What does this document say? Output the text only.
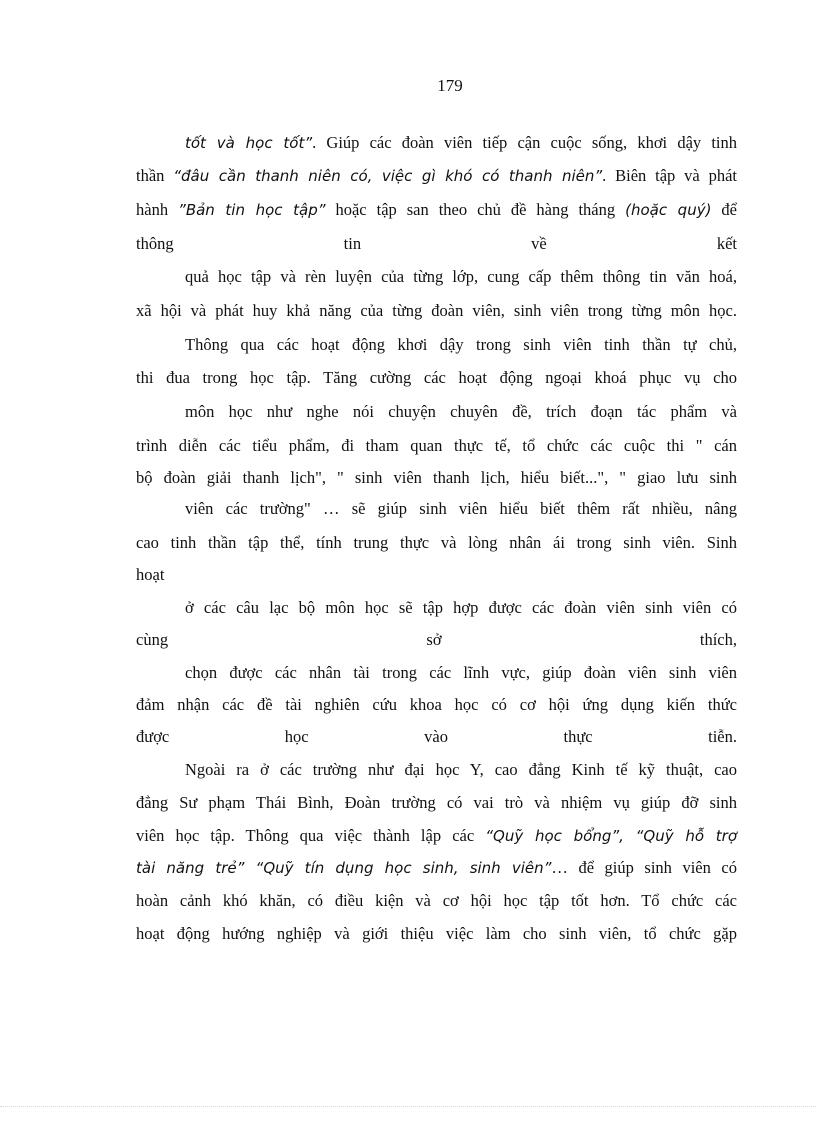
179
tốt và học tốt”. Giúp các đoàn viên tiếp cận cuộc sống, khơi dậy tinh
thần “đâu cần thanh niên có, việc gì khó có thanh niên”. Biên tập và phát
hành ”Bản tin học tập” hoặc tập san theo chủ đề hàng tháng (hoặc quý) để
thông tin về kết
quả học tập và rèn luyện của từng lớp, cung cấp thêm thông tin văn hoá,
xã hội và phát huy khả năng của từng đoàn viên, sinh viên trong từng môn học.
Thông qua các hoạt động khơi dậy trong sinh viên tinh thần tự chủ,
thi đua trong học tập. Tăng cường các hoạt động ngoại khoá phục vụ cho
môn học như nghe nói chuyện chuyên đề, trích đoạn tác phẩm và
trình diễn các tiểu phẩm, đi tham quan thực tế, tổ chức các cuộc thi " cán
bộ đoàn giải thanh lịch", " sinh viên thanh lịch, hiểu biết...", " giao lưu sinh
viên các trường" … sẽ giúp sinh viên hiểu biết thêm rất nhiều, nâng
cao tinh thần tập thể, tính trung thực và lòng nhân ái trong sinh viên. Sinh
hoạt
ở các câu lạc bộ môn học sẽ tập hợp được các đoàn viên sinh viên có
cùng sở thích,
chọn được các nhân tài trong các lĩnh vực, giúp đoàn viên sinh viên
đảm nhận các đề tài nghiên cứu khoa học có cơ hội ứng dụng kiến thức
được học vào thực tiễn.
Ngoài ra ở các trường như đại học Y, cao đẳng Kinh tế kỹ thuật, cao
đẳng Sư phạm Thái Bình, Đoàn trường có vai trò và nhiệm vụ giúp đỡ sinh
viên học tập. Thông qua việc thành lập các “Quỹ học bổng”, “Quỹ hỗ trợ
tài năng trẻ” “Quỹ tín dụng học sinh, sinh viên”… để giúp sinh viên có
hoàn cảnh khó khăn, có điều kiện và cơ hội học tập tốt hơn. Tổ chức các
hoạt động hướng nghiệp và giới thiệu việc làm cho sinh viên, tổ chức gặp
